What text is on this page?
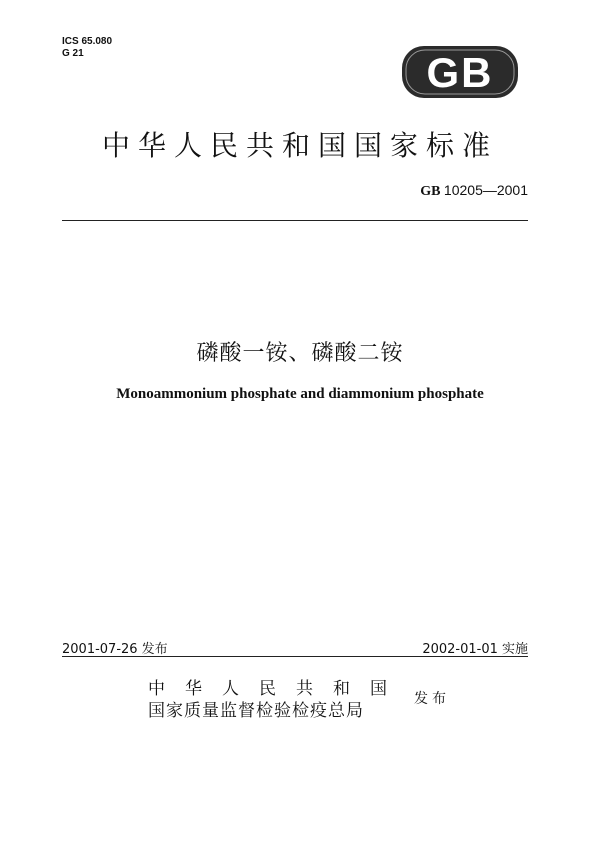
ICS 65.080
G 21	GB
中华人民共和国国家标准
GB 10205—2001
磷酸一铵、磷酸二铵
Monoammonium phosphate and diammonium phosphate
2001-07-26 发布	2002-01-01 实施
中华人民共和国
国家质量监督检验检疫总局
发布
